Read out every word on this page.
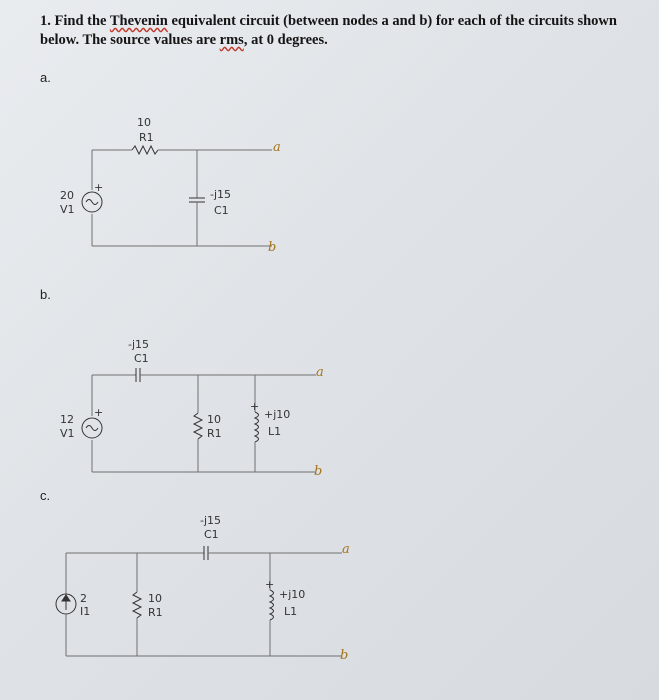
1. Find the Thevenin equivalent circuit (between nodes a and b) for each of the circuits shown below. The source values are rms, at 0 degrees.
a.
b.
c.
10
R1
-j15
C1
20
V1
+
a
b
-j15
C1
10
R1
+j10
L1
+
12
V1
+
a
b
-j15
C1
10
R1
+j10
L1
+
2
I1
a
b
